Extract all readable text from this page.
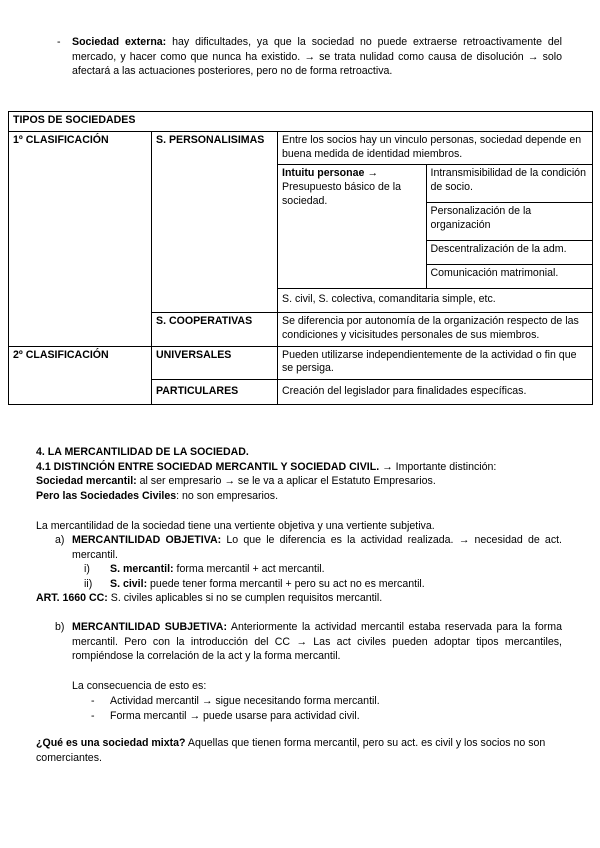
- Sociedad externa: hay dificultades, ya que la sociedad no puede extraerse retroactivamente del mercado, y hacer como que nunca ha existido. → se trata nulidad como causa de disolución → solo afectará a las actuaciones posteriores, pero no de forma retroactiva.
TIPOS DE SOCIEDADES
1º CLASIFICACIÓN	S. PERSONALISIMAS	Entre los socios hay un vinculo personas, sociedad depende en buena medida de identidad miembros.

Intuitu personae → Presupuesto básico de la sociedad.	Intransmisibilidad de la condición de socio.
Personalización de la organización
Descentralización de la adm.
Comunicación matrimonial.
S. civil, S. colectiva, comanditaria simple, etc.

S. COOPERATIVAS	Se diferencia por autonomía de la organización respecto de las condiciones y vicisitudes personales de sus miembros.
2º CLASIFICACIÓN	UNIVERSALES	Pueden utilizarse independientemente de la actividad o fin que se persiga.
PARTICULARES	Creación del legislador para finalidades específicas.
4. LA MERCANTILIDAD DE LA SOCIEDAD.
4.1 DISTINCIÓN ENTRE SOCIEDAD MERCANTIL Y SOCIEDAD CIVIL. → Importante distinción:
Sociedad mercantil: al ser empresario → se le va a aplicar el Estatuto Empresarios.
Pero las Sociedades Civiles: no son empresarios.
La mercantilidad de la sociedad tiene una vertiente objetiva y una vertiente subjetiva.
a) MERCANTILIDAD OBJETIVA: Lo que le diferencia es la actividad realizada. → necesidad de act. mercantil.
i) S. mercantil: forma mercantil + act mercantil.
ii) S. civil: puede tener forma mercantil + pero su act no es mercantil.
ART. 1660 CC: S. civiles aplicables si no se cumplen requisitos mercantil.
b) MERCANTILIDAD SUBJETIVA: Anteriormente la actividad mercantil estaba reservada para la forma mercantil. Pero con la introducción del CC → Las act civiles pueden adoptar tipos mercantiles, rompiéndose la correlación de la act y la forma mercantil.
La consecuencia de esto es:
- Actividad mercantil → sigue necesitando forma mercantil.
- Forma mercantil → puede usarse para actividad civil.
¿Qué es una sociedad mixta? Aquellas que tienen forma mercantil, pero su act. es civil y los socios no son comerciantes.
